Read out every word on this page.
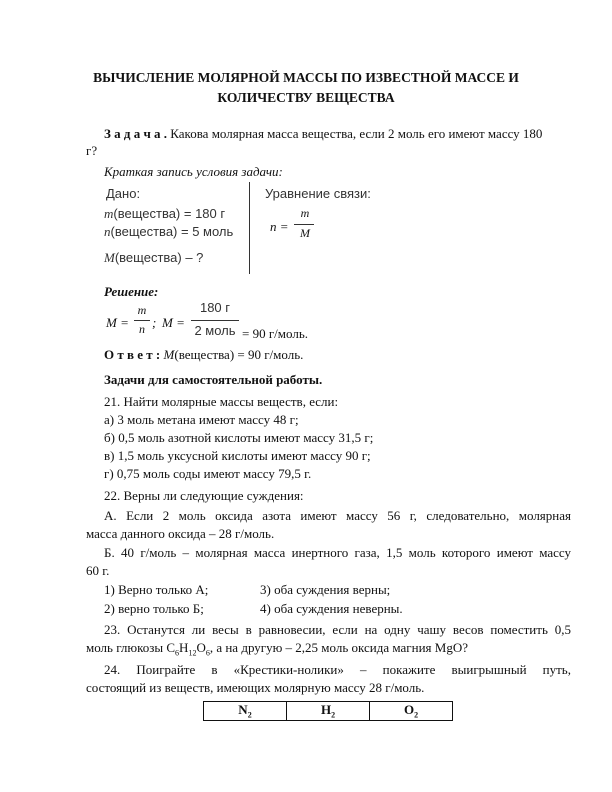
ВЫЧИСЛЕНИЕ МОЛЯРНОЙ МАССЫ ПО ИЗВЕСТНОЙ МАССЕ И
КОЛИЧЕСТВУ ВЕЩЕСТВА
З а д а ч а . Какова молярная масса вещества, если 2 моль его имеют массу 180
г?
Краткая запись условия задачи:
Дано:
m(вещества) = 180 г
n(вещества) = 5 моль
M(вещества) – ?
Уравнение связи:
n =
m
M
Решение:
M =
m
n ; M =
180 г
2 моль = 90 г/моль.
О т в е т : M(вещества) = 90 г/моль.
Задачи для самостоятельной работы.
21. Найти молярные массы веществ, если:
а) 3 моль метана имеют массу 48 г;
б) 0,5 моль азотной кислоты имеют массу 31,5 г;
в) 1,5 моль уксусной кислоты имеют массу 90 г;
г) 0,75 моль соды имеют массу 79,5 г.
22. Верны ли следующие суждения:
А. Если 2 моль оксида азота имеют массу 56 г, следовательно, молярная
масса данного оксида – 28 г/моль.
Б. 40 г/моль – молярная масса инертного газа, 1,5 моль которого имеют массу
60 г.
1) Верно только А;	3) оба суждения верны;
2) верно только Б;	4) оба суждения неверны.
23. Останутся ли весы в равновесии, если на одну чашу весов поместить 0,5
моль глюкозы $C_6H_{12}O_6$, а на другую – 2,25 моль оксида магния MgO?
24. Поиграйте в «Крестики-нолики» – покажите выигрышный путь,
состоящий из веществ, имеющих молярную массу 28 г/моль.
$N_2$	$H_2$	$O_2$
